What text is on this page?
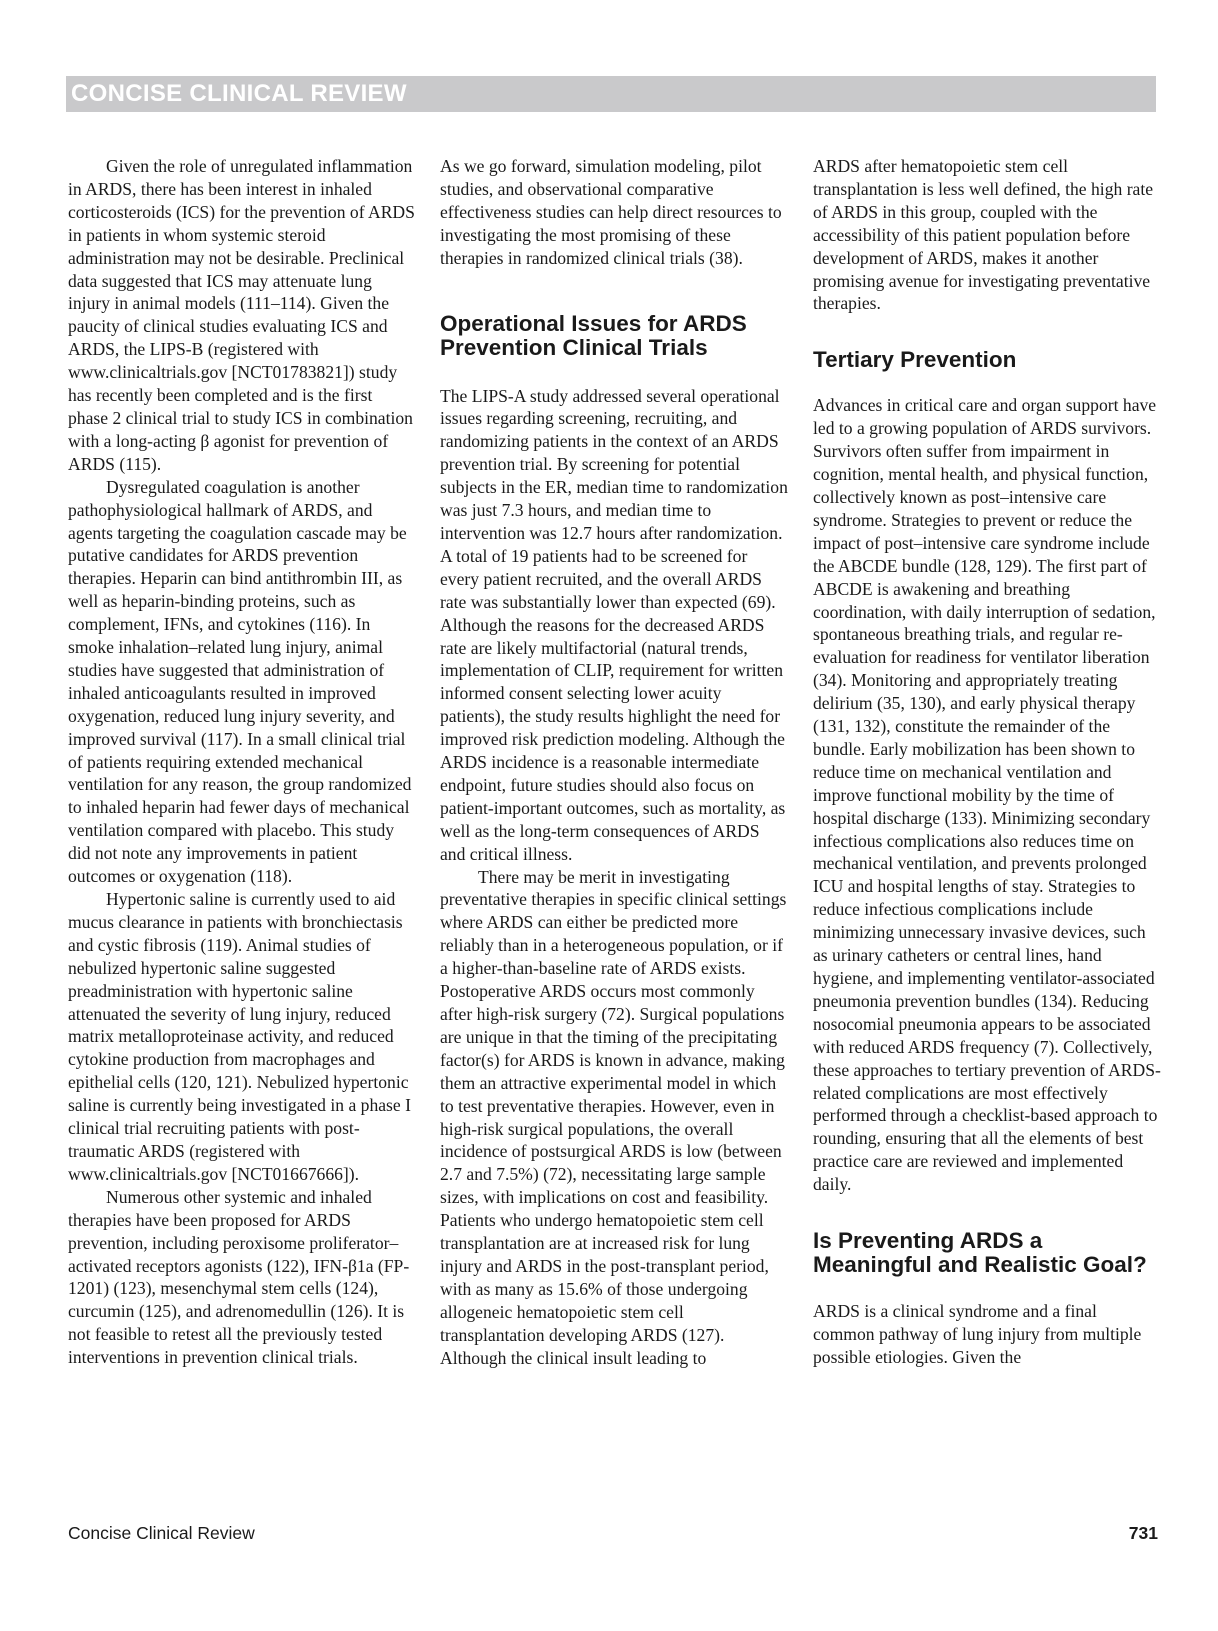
CONCISE CLINICAL REVIEW

Given the role of unregulated inflammation in ARDS, there has been interest in inhaled corticosteroids (ICS) for the prevention of ARDS in patients in whom systemic steroid administration may not be desirable. Preclinical data suggested that ICS may attenuate lung injury in animal models (111–114). Given the paucity of clinical studies evaluating ICS and ARDS, the LIPS-B (registered with www.clinicaltrials.gov [NCT01783821]) study has recently been completed and is the first phase 2 clinical trial to study ICS in combination with a long-acting β agonist for prevention of ARDS (115).

Dysregulated coagulation is another pathophysiological hallmark of ARDS, and agents targeting the coagulation cascade may be putative candidates for ARDS prevention therapies. Heparin can bind antithrombin III, as well as heparin-binding proteins, such as complement, IFNs, and cytokines (116). In smoke inhalation–related lung injury, animal studies have suggested that administration of inhaled anticoagulants resulted in improved oxygenation, reduced lung injury severity, and improved survival (117). In a small clinical trial of patients requiring extended mechanical ventilation for any reason, the group randomized to inhaled heparin had fewer days of mechanical ventilation compared with placebo. This study did not note any improvements in patient outcomes or oxygenation (118).

Hypertonic saline is currently used to aid mucus clearance in patients with bronchiectasis and cystic fibrosis (119). Animal studies of nebulized hypertonic saline suggested preadministration with hypertonic saline attenuated the severity of lung injury, reduced matrix metalloproteinase activity, and reduced cytokine production from macrophages and epithelial cells (120, 121). Nebulized hypertonic saline is currently being investigated in a phase I clinical trial recruiting patients with post-traumatic ARDS (registered with www.clinicaltrials.gov [NCT01667666]).

Numerous other systemic and inhaled therapies have been proposed for ARDS prevention, including peroxisome proliferator–activated receptors agonists (122), IFN-β1a (FP-1201) (123), mesenchymal stem cells (124), curcumin (125), and adrenomedullin (126). It is not feasible to retest all the previously tested interventions in prevention clinical trials.

As we go forward, simulation modeling, pilot studies, and observational comparative effectiveness studies can help direct resources to investigating the most promising of these therapies in randomized clinical trials (38).

Operational Issues for ARDS Prevention Clinical Trials

The LIPS-A study addressed several operational issues regarding screening, recruiting, and randomizing patients in the context of an ARDS prevention trial. By screening for potential subjects in the ER, median time to randomization was just 7.3 hours, and median time to intervention was 12.7 hours after randomization. A total of 19 patients had to be screened for every patient recruited, and the overall ARDS rate was substantially lower than expected (69). Although the reasons for the decreased ARDS rate are likely multifactorial (natural trends, implementation of CLIP, requirement for written informed consent selecting lower acuity patients), the study results highlight the need for improved risk prediction modeling. Although the ARDS incidence is a reasonable intermediate endpoint, future studies should also focus on patient-important outcomes, such as mortality, as well as the long-term consequences of ARDS and critical illness.

There may be merit in investigating preventative therapies in specific clinical settings where ARDS can either be predicted more reliably than in a heterogeneous population, or if a higher-than-baseline rate of ARDS exists. Postoperative ARDS occurs most commonly after high-risk surgery (72). Surgical populations are unique in that the timing of the precipitating factor(s) for ARDS is known in advance, making them an attractive experimental model in which to test preventative therapies. However, even in high-risk surgical populations, the overall incidence of postsurgical ARDS is low (between 2.7 and 7.5%) (72), necessitating large sample sizes, with implications on cost and feasibility. Patients who undergo hematopoietic stem cell transplantation are at increased risk for lung injury and ARDS in the post-transplant period, with as many as 15.6% of those undergoing allogeneic hematopoietic stem cell transplantation developing ARDS (127). Although the clinical insult leading to

ARDS after hematopoietic stem cell transplantation is less well defined, the high rate of ARDS in this group, coupled with the accessibility of this patient population before development of ARDS, makes it another promising avenue for investigating preventative therapies.

Tertiary Prevention

Advances in critical care and organ support have led to a growing population of ARDS survivors. Survivors often suffer from impairment in cognition, mental health, and physical function, collectively known as post–intensive care syndrome. Strategies to prevent or reduce the impact of post–intensive care syndrome include the ABCDE bundle (128, 129). The first part of ABCDE is awakening and breathing coordination, with daily interruption of sedation, spontaneous breathing trials, and regular re-evaluation for readiness for ventilator liberation (34). Monitoring and appropriately treating delirium (35, 130), and early physical therapy (131, 132), constitute the remainder of the bundle. Early mobilization has been shown to reduce time on mechanical ventilation and improve functional mobility by the time of hospital discharge (133). Minimizing secondary infectious complications also reduces time on mechanical ventilation, and prevents prolonged ICU and hospital lengths of stay. Strategies to reduce infectious complications include minimizing unnecessary invasive devices, such as urinary catheters or central lines, hand hygiene, and implementing ventilator-associated pneumonia prevention bundles (134). Reducing nosocomial pneumonia appears to be associated with reduced ARDS frequency (7). Collectively, these approaches to tertiary prevention of ARDS-related complications are most effectively performed through a checklist-based approach to rounding, ensuring that all the elements of best practice care are reviewed and implemented daily.

Is Preventing ARDS a Meaningful and Realistic Goal?

ARDS is a clinical syndrome and a final common pathway of lung injury from multiple possible etiologies. Given the

Concise Clinical Review	731
